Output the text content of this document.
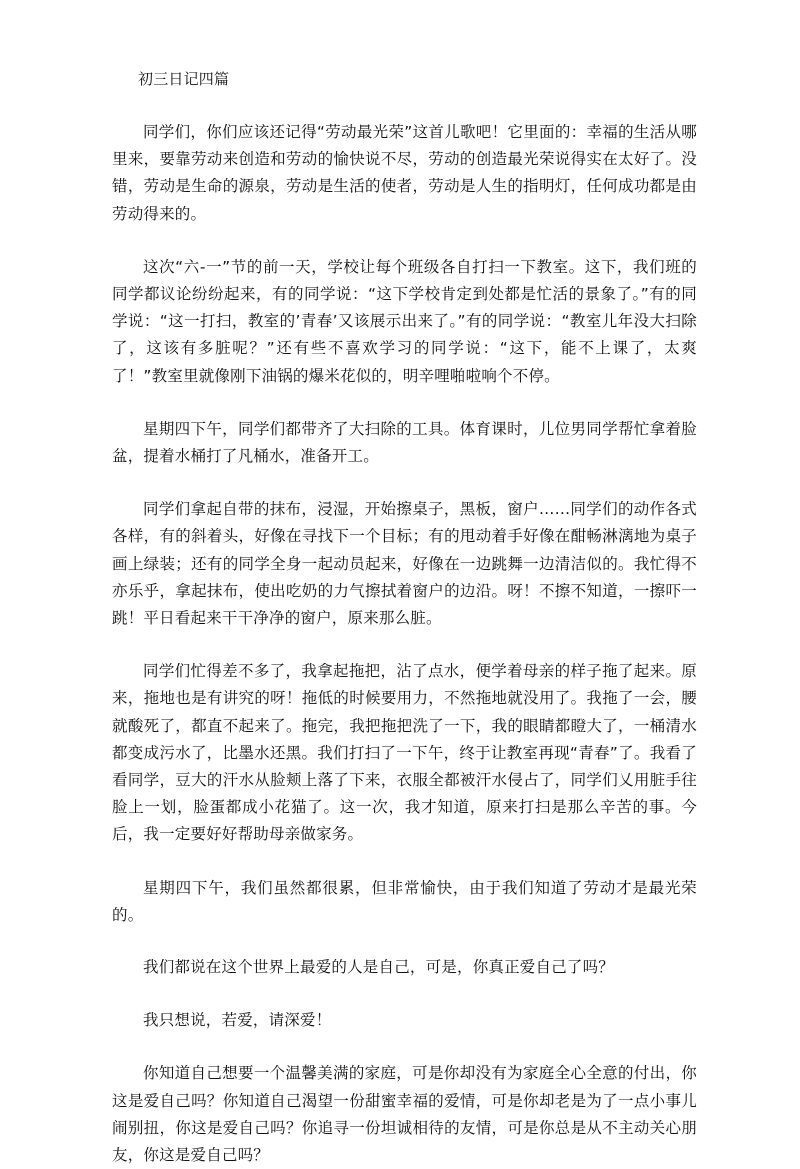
初三日记四篇

同学们，你们应该还记得“劳动最光荣”这首儿歌吧！它里面的：幸福的生活从哪里来，要靠劳动来创造和劳动的愉快说不尽，劳动的创造最光荣说得实在太好了。没错，劳动是生命的源泉，劳动是生活的使者，劳动是人生的指明灯，任何成功都是由劳动得来的。

这次“六-一”节的前一天，学校让每个班级各自打扫一下教室。这下，我们班的同学都议论纷纷起来，有的同学说：“这下学校肯定到处都是忙活的景象了。”有的同学说：“这一打扫，教室的’青春’又该展示出来了。”有的同学说：“教室儿年没大扫除了，这该有多脏呢？”还有些不喜欢学习的同学说：“这下，能不上课了，太爽了！”教室里就像刚下油锅的爆米花似的，明辛哩啪啦响个不停。

星期四下午，同学们都带齐了大扫除的工具。体育课时，儿位男同学帮忙拿着脸盆，提着水桶打了凡桶水，准备开工。

同学们拿起自带的抹布，浸湿，开始擦桌子，黑板，窗户……同学们的动作各式各样，有的斜着头，好像在寻找下一个目标；有的甩动着手好像在酣畅淋漓地为桌子画上绿装；还有的同学全身一起动员起来，好像在一边跳舞一边清洁似的。我忙得不亦乐乎，拿起抹布，使出吃奶的力气擦拭着窗户的边沿。呀！不擦不知道，一擦吓一跳！平日看起来干干净净的窗户，原来那么脏。

同学们忙得差不多了，我拿起拖把，沾了点水，便学着母亲的样子拖了起来。原来，拖地也是有讲究的呀！拖低的时候要用力，不然拖地就没用了。我拖了一会，腰就酸死了，都直不起来了。拖完，我把拖把洗了一下，我的眼睛都瞪大了，一桶清水都变成污水了，比墨水还黑。我们打扫了一下午，终于让教室再现“青春”了。我看了看同学，豆大的汗水从脸颊上落了下来，衣服全都被汗水侵占了，同学们乂用脏手往脸上一划，脸蛋都成小花猫了。这一次，我才知道，原来打扫是那么辛苦的事。今后，我一定要好好帮助母亲做家务。

星期四下午，我们虽然都很累，但非常愉快，由于我们知道了劳动才是最光荣的。

我们都说在这个世界上最爱的人是自己，可是，你真正爱自己了吗？

我只想说，若爱，请深爱！

你知道自己想要一个温馨美满的家庭，可是你却没有为家庭全心全意的付出，你这是爱自己吗？你知道自己渴望一份甜蜜幸福的爱情，可是你却老是为了一点小事儿闹别扭，你这是爱自己吗？你追寻一份坦诚相待的友情，可是你总是从不主动关心朋友，你这是爱自己吗？
